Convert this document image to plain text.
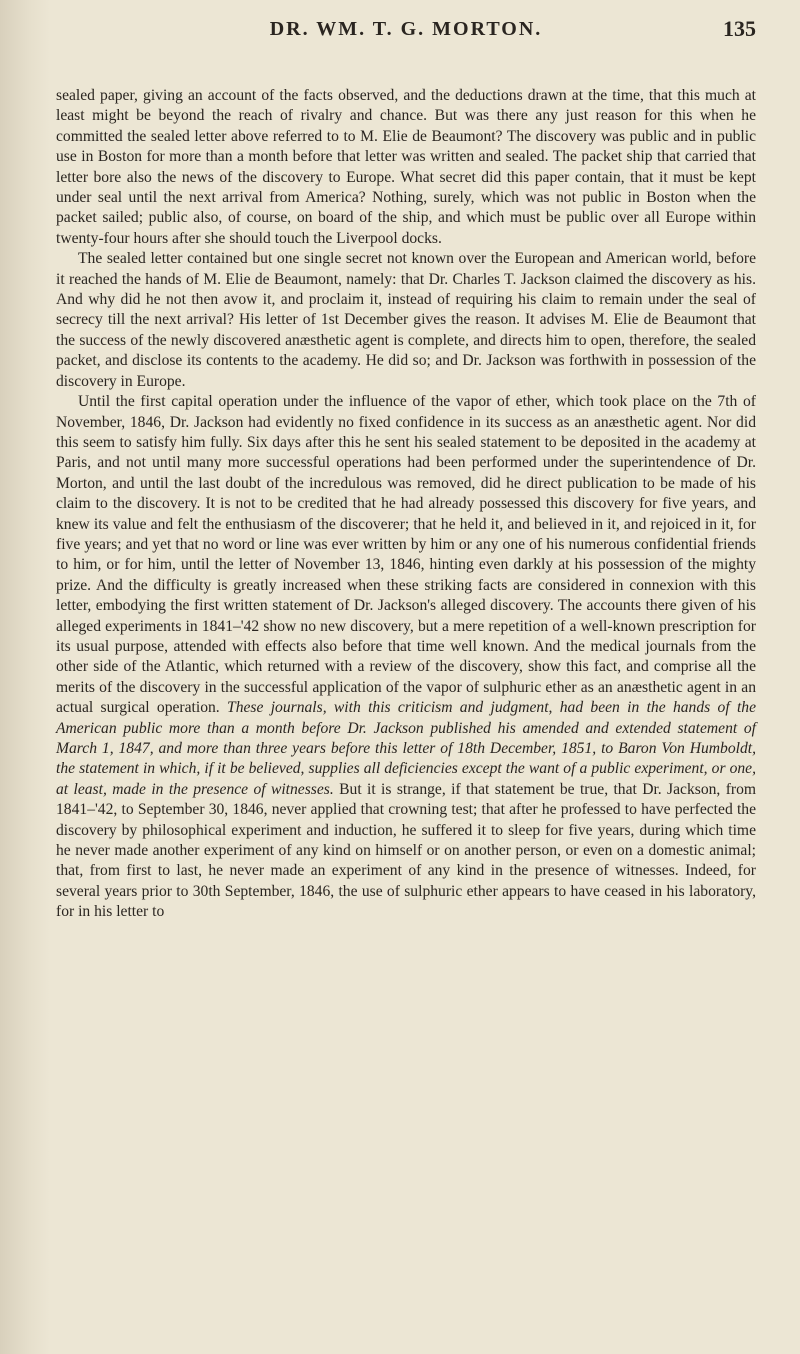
DR. WM. T. G. MORTON.	135

sealed paper, giving an account of the facts observed, and the deductions drawn at the time, that this much at least might be beyond the reach of rivalry and chance. But was there any just reason for this when he committed the sealed letter above referred to to M. Elie de Beaumont? The discovery was public and in public use in Boston for more than a month before that letter was written and sealed. The packet ship that carried that letter bore also the news of the discovery to Europe. What secret did this paper contain, that it must be kept under seal until the next arrival from America? Nothing, surely, which was not public in Boston when the packet sailed; public also, of course, on board of the ship, and which must be public over all Europe within twenty-four hours after she should touch the Liverpool docks.

The sealed letter contained but one single secret not known over the European and American world, before it reached the hands of M. Elie de Beaumont, namely: that Dr. Charles T. Jackson claimed the discovery as his. And why did he not then avow it, and proclaim it, instead of requiring his claim to remain under the seal of secrecy till the next arrival? His letter of 1st December gives the reason. It advises M. Elie de Beaumont that the success of the newly discovered anæsthetic agent is complete, and directs him to open, therefore, the sealed packet, and disclose its contents to the academy. He did so; and Dr. Jackson was forthwith in possession of the discovery in Europe.

Until the first capital operation under the influence of the vapor of ether, which took place on the 7th of November, 1846, Dr. Jackson had evidently no fixed confidence in its success as an anæsthetic agent. Nor did this seem to satisfy him fully. Six days after this he sent his sealed statement to be deposited in the academy at Paris, and not until many more successful operations had been performed under the superintendence of Dr. Morton, and until the last doubt of the incredulous was removed, did he direct publication to be made of his claim to the discovery. It is not to be credited that he had already possessed this discovery for five years, and knew its value and felt the enthusiasm of the discoverer; that he held it, and believed in it, and rejoiced in it, for five years; and yet that no word or line was ever written by him or any one of his numerous confidential friends to him, or for him, until the letter of November 13, 1846, hinting even darkly at his possession of the mighty prize. And the difficulty is greatly increased when these striking facts are considered in connexion with this letter, embodying the first written statement of Dr. Jackson's alleged discovery. The accounts there given of his alleged experiments in 1841–'42 show no new discovery, but a mere repetition of a well-known prescription for its usual purpose, attended with effects also before that time well known. And the medical journals from the other side of the Atlantic, which returned with a review of the discovery, show this fact, and comprise all the merits of the discovery in the successful application of the vapor of sulphuric ether as an anæsthetic agent in an actual surgical operation. These journals, with this criticism and judgment, had been in the hands of the American public more than a month before Dr. Jackson published his amended and extended statement of March 1, 1847, and more than three years before this letter of 18th December, 1851, to Baron Von Humboldt, the statement in which, if it be believed, supplies all deficiencies except the want of a public experiment, or one, at least, made in the presence of witnesses. But it is strange, if that statement be true, that Dr. Jackson, from 1841–'42, to September 30, 1846, never applied that crowning test; that after he professed to have perfected the discovery by philosophical experiment and induction, he suffered it to sleep for five years, during which time he never made another experiment of any kind on himself or on another person, or even on a domestic animal; that, from first to last, he never made an experiment of any kind in the presence of witnesses. Indeed, for several years prior to 30th September, 1846, the use of sulphuric ether appears to have ceased in his laboratory, for in his letter to
